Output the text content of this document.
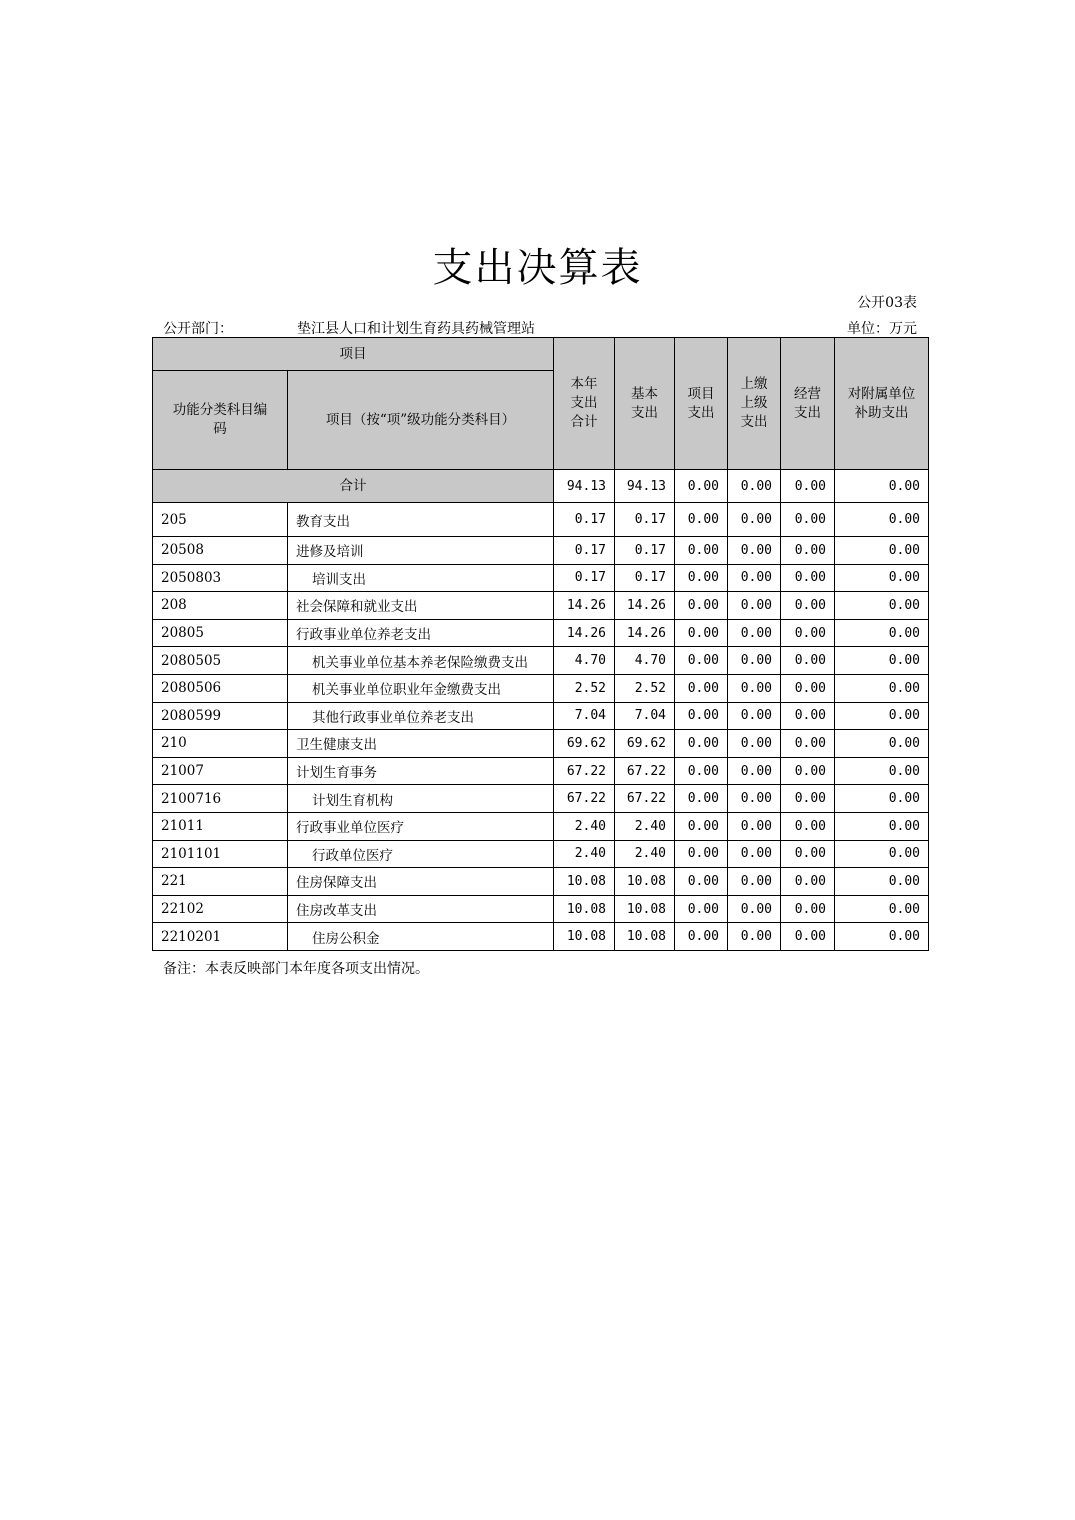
支出决算表
公开03表
公开部门：	垫江县人口和计划生育药具药械管理站	单位：万元
项目		本年支出合计	基本支出	项目支出	上缴上级支出	经营支出	对附属单位补助支出
功能分类科目编码	项目（按“项”级功能分类科目）						
合计		94.13	94.13	0.00	0.00	0.00	0.00
205	教育支出	0.17	0.17	0.00	0.00	0.00	0.00
20508	进修及培训	0.17	0.17	0.00	0.00	0.00	0.00
2050803	培训支出	0.17	0.17	0.00	0.00	0.00	0.00
208	社会保障和就业支出	14.26	14.26	0.00	0.00	0.00	0.00
20805	行政事业单位养老支出	14.26	14.26	0.00	0.00	0.00	0.00
2080505	机关事业单位基本养老保险缴费支出	4.70	4.70	0.00	0.00	0.00	0.00
2080506	机关事业单位职业年金缴费支出	2.52	2.52	0.00	0.00	0.00	0.00
2080599	其他行政事业单位养老支出	7.04	7.04	0.00	0.00	0.00	0.00
210	卫生健康支出	69.62	69.62	0.00	0.00	0.00	0.00
21007	计划生育事务	67.22	67.22	0.00	0.00	0.00	0.00
2100716	计划生育机构	67.22	67.22	0.00	0.00	0.00	0.00
21011	行政事业单位医疗	2.40	2.40	0.00	0.00	0.00	0.00
2101101	行政单位医疗	2.40	2.40	0.00	0.00	0.00	0.00
221	住房保障支出	10.08	10.08	0.00	0.00	0.00	0.00
22102	住房改革支出	10.08	10.08	0.00	0.00	0.00	0.00
2210201	住房公积金	10.08	10.08	0.00	0.00	0.00	0.00
备注：本表反映部门本年度各项支出情况。
